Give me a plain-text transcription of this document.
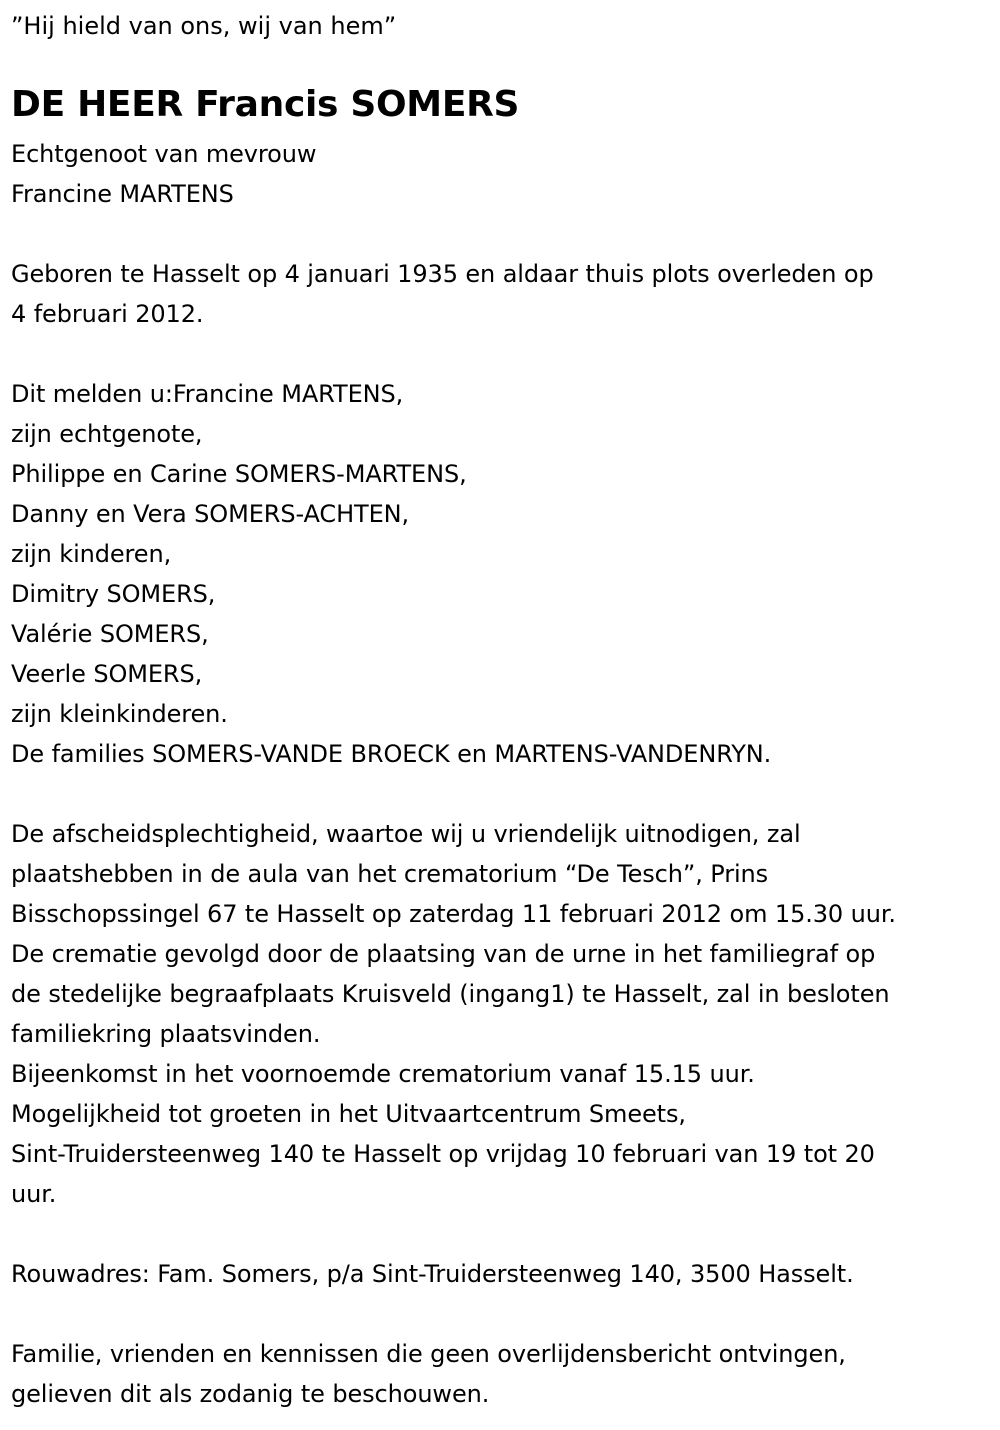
”Hij hield van ons, wij van hem”
DE HEER Francis SOMERS
Echtgenoot van mevrouw
Francine MARTENS
Geboren te Hasselt op 4 januari 1935 en aldaar thuis plots overleden op
4 februari 2012.
Dit melden u:Francine MARTENS,
zijn echtgenote,
Philippe en Carine SOMERS-MARTENS,
Danny en Vera SOMERS-ACHTEN,
zijn kinderen,
Dimitry SOMERS,
Valérie SOMERS,
Veerle SOMERS,
zijn kleinkinderen.
De families SOMERS-VANDE BROECK en MARTENS-VANDENRYN.
De afscheidsplechtigheid, waartoe wij u vriendelijk uitnodigen, zal
plaatshebben in de aula van het crematorium “De Tesch”, Prins
Bisschopssingel 67 te Hasselt op zaterdag 11 februari 2012 om 15.30 uur.
De crematie gevolgd door de plaatsing van de urne in het familiegraf op
de stedelijke begraafplaats Kruisveld (ingang1) te Hasselt, zal in besloten
familiekring plaatsvinden.
Bijeenkomst in het voornoemde crematorium vanaf 15.15 uur.
Mogelijkheid tot groeten in het Uitvaartcentrum Smeets,
Sint-Truidersteenweg 140 te Hasselt op vrijdag 10 februari van 19 tot 20
uur.
Rouwadres: Fam. Somers, p/a Sint-Truidersteenweg 140, 3500 Hasselt.
Familie, vrienden en kennissen die geen overlijdensbericht ontvingen,
gelieven dit als zodanig te beschouwen.
